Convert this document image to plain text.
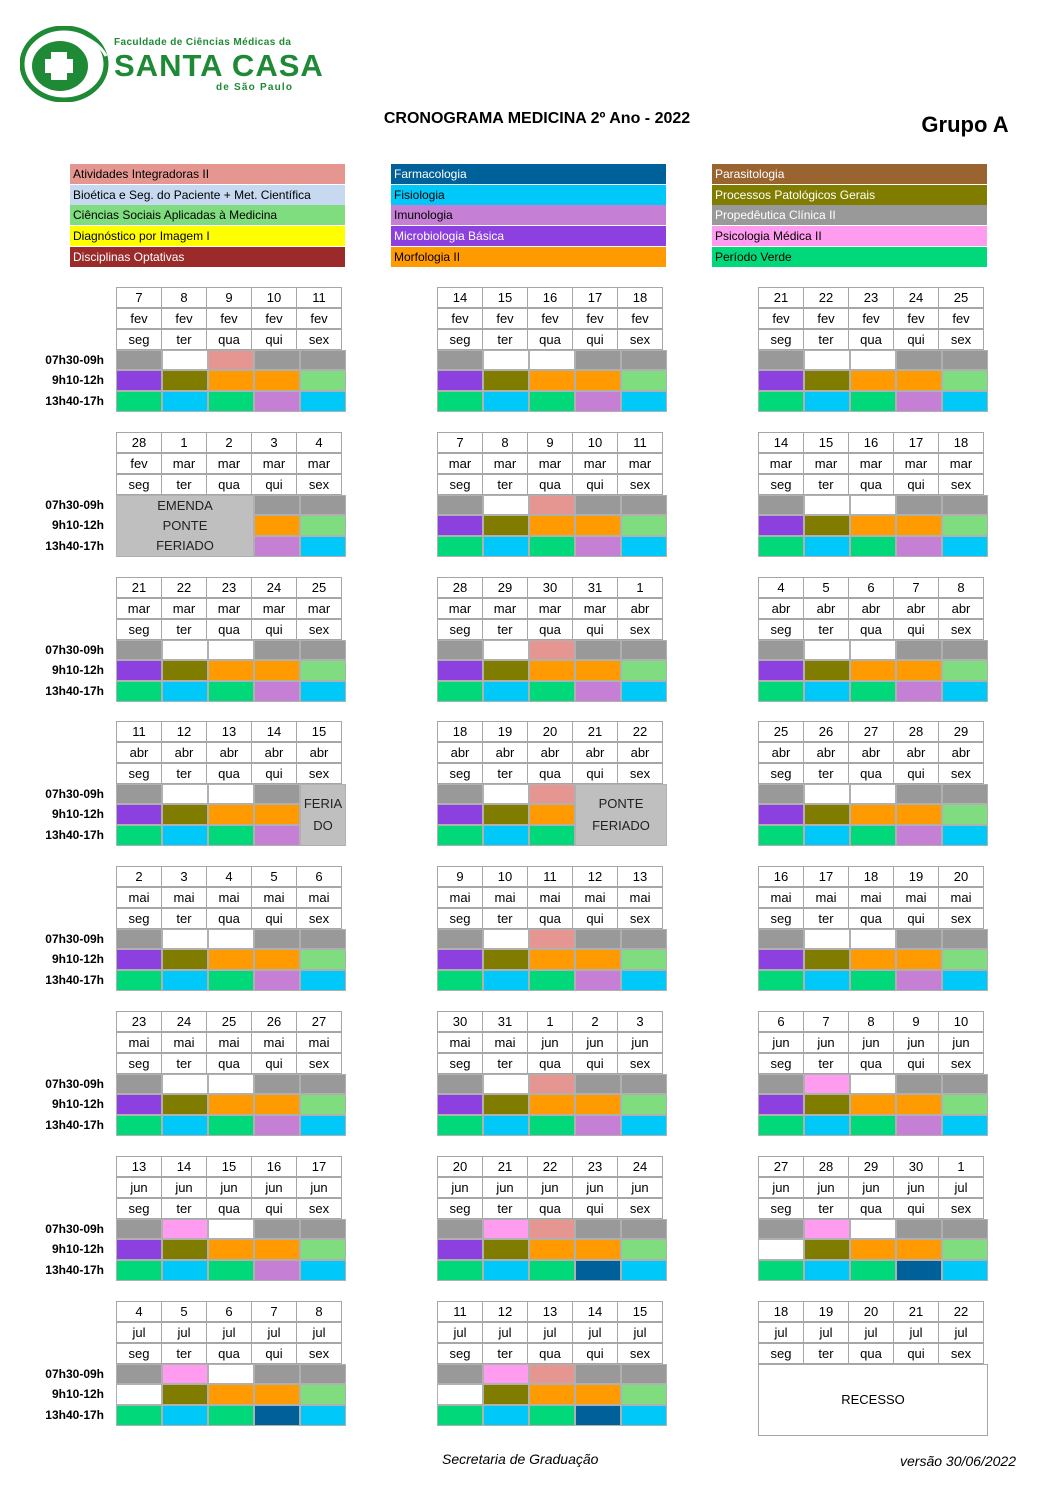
Faculdade de Ciências Médicas da
SANTA CASA
de São Paulo
CRONOGRAMA MEDICINA 2º Ano - 2022	Grupo A
Atividades Integradoras II
Bioética e Seg. do Paciente + Met. Científica
Ciências Sociais Aplicadas à Medicina
Diagnóstico por Imagem I
Disciplinas Optativas
Farmacologia
Fisiologia
Imunologia
Microbiologia Básica
Morfologia II
Parasitologia
Processos Patológicos Gerais
Propedêutica Clínica II
Psicologia Médica II
Período Verde
7	8	9	10	11
fev	fev	fev	fev	fev
seg	ter	qua	qui	sex
07h30-09h
9h10-12h
13h40-17h
14	15	16	17	18
fev	fev	fev	fev	fev
seg	ter	qua	qui	sex
21	22	23	24	25
fev	fev	fev	fev	fev
seg	ter	qua	qui	sex
28	1	2	3	4
fev	mar	mar	mar	mar
seg	ter	qua	qui	sex
EMENDA
PONTE
FERIADO
07h30-09h
9h10-12h
13h40-17h
7	8	9	10	11
mar	mar	mar	mar	mar
seg	ter	qua	qui	sex
14	15	16	17	18
mar	mar	mar	mar	mar
seg	ter	qua	qui	sex
21	22	23	24	25
mar	mar	mar	mar	mar
seg	ter	qua	qui	sex
07h30-09h
9h10-12h
13h40-17h
28	29	30	31	1
mar	mar	mar	mar	abr
seg	ter	qua	qui	sex
4	5	6	7	8
abr	abr	abr	abr	abr
seg	ter	qua	qui	sex
11	12	13	14	15
abr	abr	abr	abr	abr
seg	ter	qua	qui	sex
FERIA
DO
07h30-09h
9h10-12h
13h40-17h
18	19	20	21	22
abr	abr	abr	abr	abr
seg	ter	qua	qui	sex
PONTE
FERIADO
25	26	27	28	29
abr	abr	abr	abr	abr
seg	ter	qua	qui	sex
2	3	4	5	6
mai	mai	mai	mai	mai
seg	ter	qua	qui	sex
07h30-09h
9h10-12h
13h40-17h
9	10	11	12	13
mai	mai	mai	mai	mai
seg	ter	qua	qui	sex
16	17	18	19	20
mai	mai	mai	mai	mai
seg	ter	qua	qui	sex
23	24	25	26	27
mai	mai	mai	mai	mai
seg	ter	qua	qui	sex
07h30-09h
9h10-12h
13h40-17h
30	31	1	2	3
mai	mai	jun	jun	jun
seg	ter	qua	qui	sex
6	7	8	9	10
jun	jun	jun	jun	jun
seg	ter	qua	qui	sex
13	14	15	16	17
jun	jun	jun	jun	jun
seg	ter	qua	qui	sex
07h30-09h
9h10-12h
13h40-17h
20	21	22	23	24
jun	jun	jun	jun	jun
seg	ter	qua	qui	sex
27	28	29	30	1
jun	jun	jun	jun	jul
seg	ter	qua	qui	sex
4	5	6	7	8
jul	jul	jul	jul	jul
seg	ter	qua	qui	sex
07h30-09h
9h10-12h
13h40-17h
11	12	13	14	15
jul	jul	jul	jul	jul
seg	ter	qua	qui	sex
18	19	20	21	22
jul	jul	jul	jul	jul
seg	ter	qua	qui	sex
RECESSO
Secretaria de Graduação	versão 30/06/2022
